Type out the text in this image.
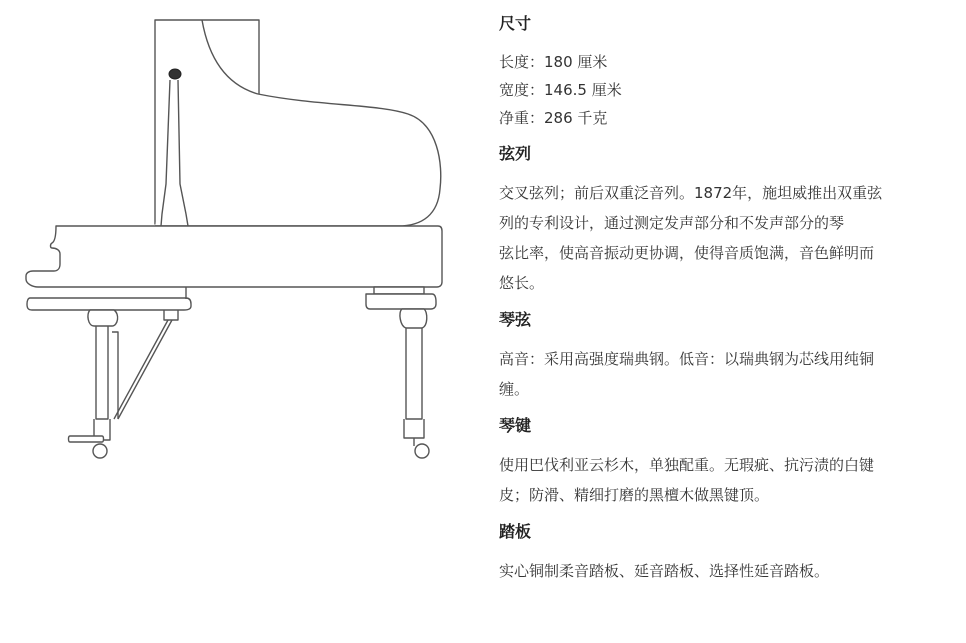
尺寸
长度：180 厘米
宽度：146.5 厘米
净重：286 千克
弦列
交叉弦列；前后双重泛音列。1872年，施坦威推出双重弦
列的专利设计，通过测定发声部分和不发声部分的琴
弦比率，使高音振动更协调，使得音质饱满，音色鲜明而
悠长。
琴弦
高音：采用高强度瑞典钢。低音：以瑞典钢为芯线用纯铜
缠。
琴键
使用巴伐利亚云杉木，单独配重。无瑕疵、抗污渍的白键
皮；防滑、精细打磨的黑檀木做黑键顶。
踏板
实心铜制柔音踏板、延音踏板、选择性延音踏板。
